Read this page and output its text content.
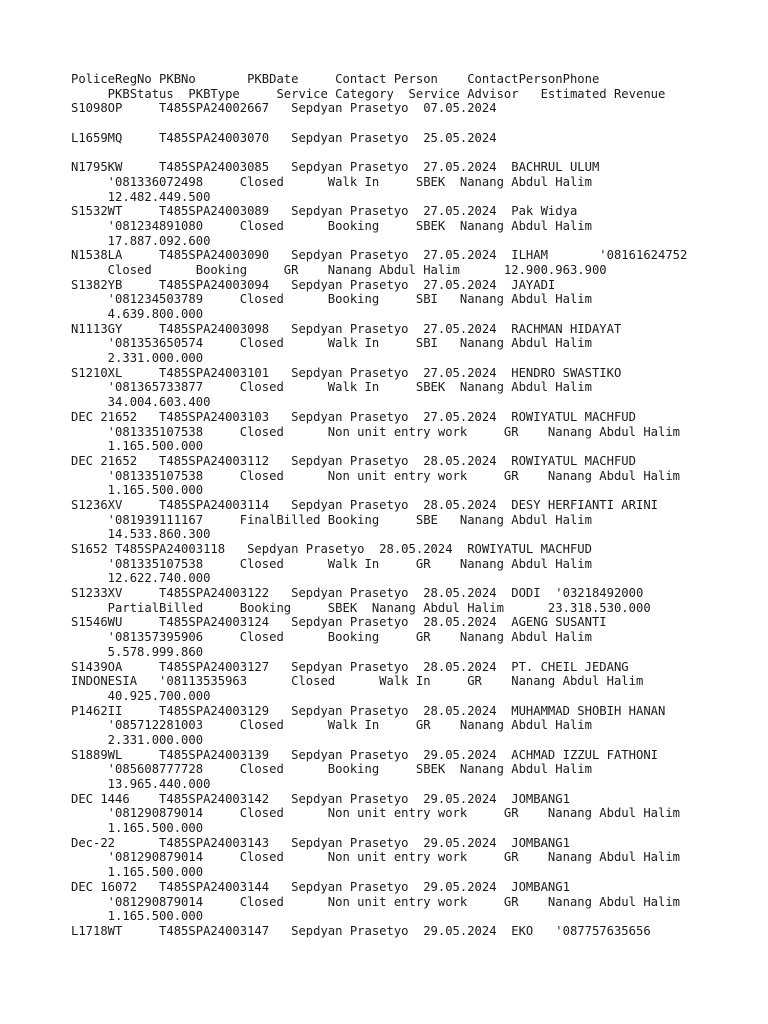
PoliceRegNo PKBNo       PKBDate     Contact Person    ContactPersonPhone
PKBStatus  PKBType     Service Category  Service Advisor   Estimated Revenue
S1098OP     T485SPA24002667   Sepdyan Prasetyo  07.05.2024
L1659MQ     T485SPA24003070   Sepdyan Prasetyo  25.05.2024
N1795KW     T485SPA24003085   Sepdyan Prasetyo  27.05.2024  BACHRUL ULUM
'081336072498     Closed      Walk In     SBEK  Nanang Abdul Halim
12.482.449.500
S1532WT     T485SPA24003089   Sepdyan Prasetyo  27.05.2024  Pak Widya
'081234891080     Closed      Booking     SBEK  Nanang Abdul Halim
17.887.092.600
N1538LA     T485SPA24003090   Sepdyan Prasetyo  27.05.2024  ILHAM       '08161624752
Closed      Booking     GR    Nanang Abdul Halim      12.900.963.900
S1382YB     T485SPA24003094   Sepdyan Prasetyo  27.05.2024  JAYADI
'081234503789     Closed      Booking     SBI   Nanang Abdul Halim
4.639.800.000
N1113GY     T485SPA24003098   Sepdyan Prasetyo  27.05.2024  RACHMAN HIDAYAT
'081353650574     Closed      Walk In     SBI   Nanang Abdul Halim
2.331.000.000
S1210XL     T485SPA24003101   Sepdyan Prasetyo  27.05.2024  HENDRO SWASTIKO
'081365733877     Closed      Walk In     SBEK  Nanang Abdul Halim
34.004.603.400
DEC 21652   T485SPA24003103   Sepdyan Prasetyo  27.05.2024  ROWIYATUL MACHFUD
'081335107538     Closed      Non unit entry work     GR    Nanang Abdul Halim
1.165.500.000
DEC 21652   T485SPA24003112   Sepdyan Prasetyo  28.05.2024  ROWIYATUL MACHFUD
'081335107538     Closed      Non unit entry work     GR    Nanang Abdul Halim
1.165.500.000
S1236XV     T485SPA24003114   Sepdyan Prasetyo  28.05.2024  DESY HERFIANTI ARINI
'081939111167     FinalBilled Booking     SBE   Nanang Abdul Halim
14.533.860.300
S1652 T485SPA24003118   Sepdyan Prasetyo  28.05.2024  ROWIYATUL MACHFUD
'081335107538     Closed      Walk In     GR    Nanang Abdul Halim
12.622.740.000
S1233XV     T485SPA24003122   Sepdyan Prasetyo  28.05.2024  DODI  '03218492000
PartialBilled     Booking     SBEK  Nanang Abdul Halim      23.318.530.000
S1546WU     T485SPA24003124   Sepdyan Prasetyo  28.05.2024  AGENG SUSANTI
'081357395906     Closed      Booking     GR    Nanang Abdul Halim
5.578.999.860
S1439OA     T485SPA24003127   Sepdyan Prasetyo  28.05.2024  PT. CHEIL JEDANG
INDONESIA   '08113535963      Closed      Walk In     GR    Nanang Abdul Halim
40.925.700.000
P1462II     T485SPA24003129   Sepdyan Prasetyo  28.05.2024  MUHAMMAD SHOBIH HANAN
'085712281003     Closed      Walk In     GR    Nanang Abdul Halim
2.331.000.000
S1889WL     T485SPA24003139   Sepdyan Prasetyo  29.05.2024  ACHMAD IZZUL FATHONI
'085608777728     Closed      Booking     SBEK  Nanang Abdul Halim
13.965.440.000
DEC 1446    T485SPA24003142   Sepdyan Prasetyo  29.05.2024  JOMBANG1
'081290879014     Closed      Non unit entry work     GR    Nanang Abdul Halim
1.165.500.000
Dec-22      T485SPA24003143   Sepdyan Prasetyo  29.05.2024  JOMBANG1
'081290879014     Closed      Non unit entry work     GR    Nanang Abdul Halim
1.165.500.000
DEC 16072   T485SPA24003144   Sepdyan Prasetyo  29.05.2024  JOMBANG1
'081290879014     Closed      Non unit entry work     GR    Nanang Abdul Halim
1.165.500.000
L1718WT     T485SPA24003147   Sepdyan Prasetyo  29.05.2024  EKO   '087757635656
